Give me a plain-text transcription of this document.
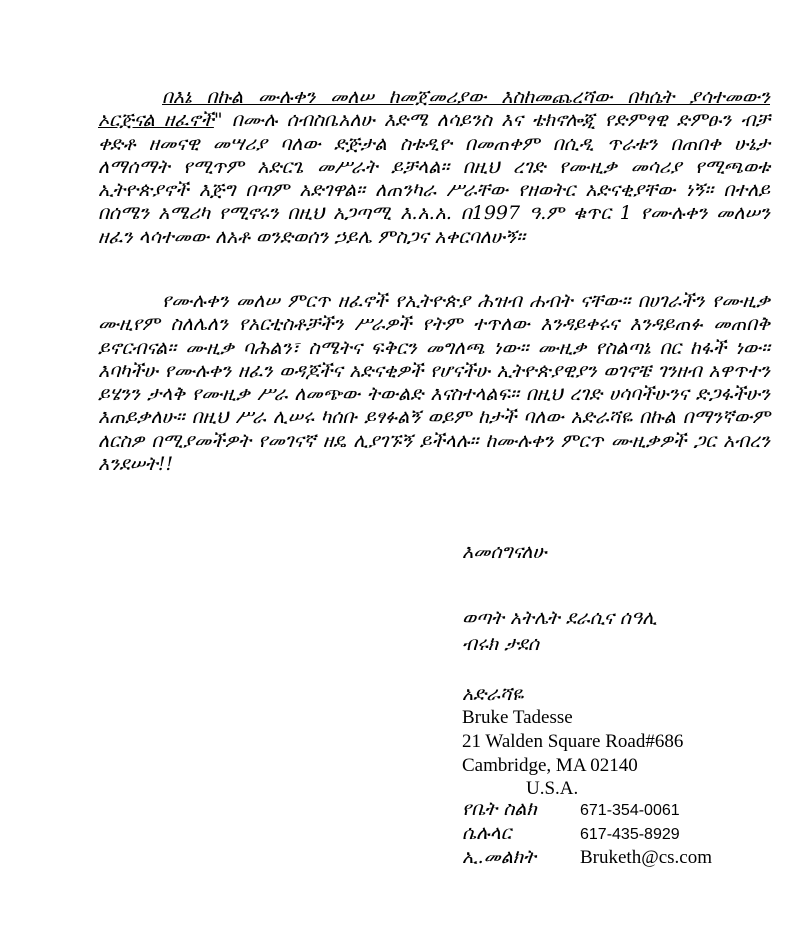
በእኔ በኩል ሙሉቀን መለሠ ከመጀመሪያው እስከመጨረሻው በካሴት ያሳተመውን ኦርጅናል ዘፈኖች" በሙሉ ሰብስቤአለሁ እድሜ ለሳይንስ እና ቴክኖሎጂ የድምፃዊ ድምፁን ብቻ ቀድቶ ዘመናዊ መሣሪያ ባለው ድጅታል ስቱዲዮ በመጠቀም በሲዲ ጥራቱን በጠበቀ ሁኔታ ለማሰማት የሚጥም አድርጌ መሥራት ይቻላል። በዚህ ረገድ የሙዚቃ መሳሪያ የሚጫወቱ ኢትዮጵያኖች እጅግ በጣም አድገዋል። ለጠንካራ ሥራቸው የዘወትር አድናቂያቸው ነኝ። በተለይ በሰሜን አሜሪካ የሚኖሩን በዚህ አጋጣሚ እ.አ.አ. በ1997 ዓ.ም ቁጥር 1 የሙሉቀን መለሠን ዘፈን ላሳተመው ለአቶ ወንድወሰን ኃይሌ ምስጋና አቀርባለሁኝ።

የሙሉቀን መለሠ ምርጥ ዘፈኖች የኢትዮጵያ ሕዝብ ሐብት ናቸው። በሀገራችን የሙዚቃ ሙዚየም ስለሌለን የአርቲስቶቻችን ሥራዎች የትም ተጥለው እንዳይቀሩና እንዳይጠፉ መጠበቅ ይኖርብናል። ሙዚቃ ባሕልን፣ ስሜትና ፍቅርን መግለጫ ነው። ሙዚቃ የስልጣኔ በር ከፋች ነው። እባካችሁ የሙሉቀን ዘፈን ወዳጆችና አድናቂዎች የሆናችሁ ኢትዮጵያዊያን ወገኖቼ ገንዘብ አዋጥተን ይሄንን ታላቅ የሙዚቃ ሥራ ለመጭው ትውልድ እናስተላልፍ። በዚህ ረገድ ሀሳባችሁንና ድጋፋችሁን እጠይቃለሁ። በዚህ ሥራ ሊሠሩ ካሰቡ ይፃፉልኝ ወይም ከታች ባለው አድራሻዬ በኩል በማንኛውም ለርስዎ በሚያመችዎት የመገናኛ ዘዴ ሊያገኙኝ ይችላሉ። ከሙሉቀን ምርጥ ሙዚቃዎች ጋር አብረን እንደሠት!!

እመሰግናለሁ
ወጣት አትሌት ደራሲና ሰዓሊ
ብሩክ ታደሰ
አድራሻዬ
Bruke Tadesse
21 Walden Square Road#686
Cambridge, MA 02140
U.S.A.
የቤት ስልክ	671-354-0061
ሴሉላር	617-435-8929
ኢ.መልክት Bruketh@cs.com
